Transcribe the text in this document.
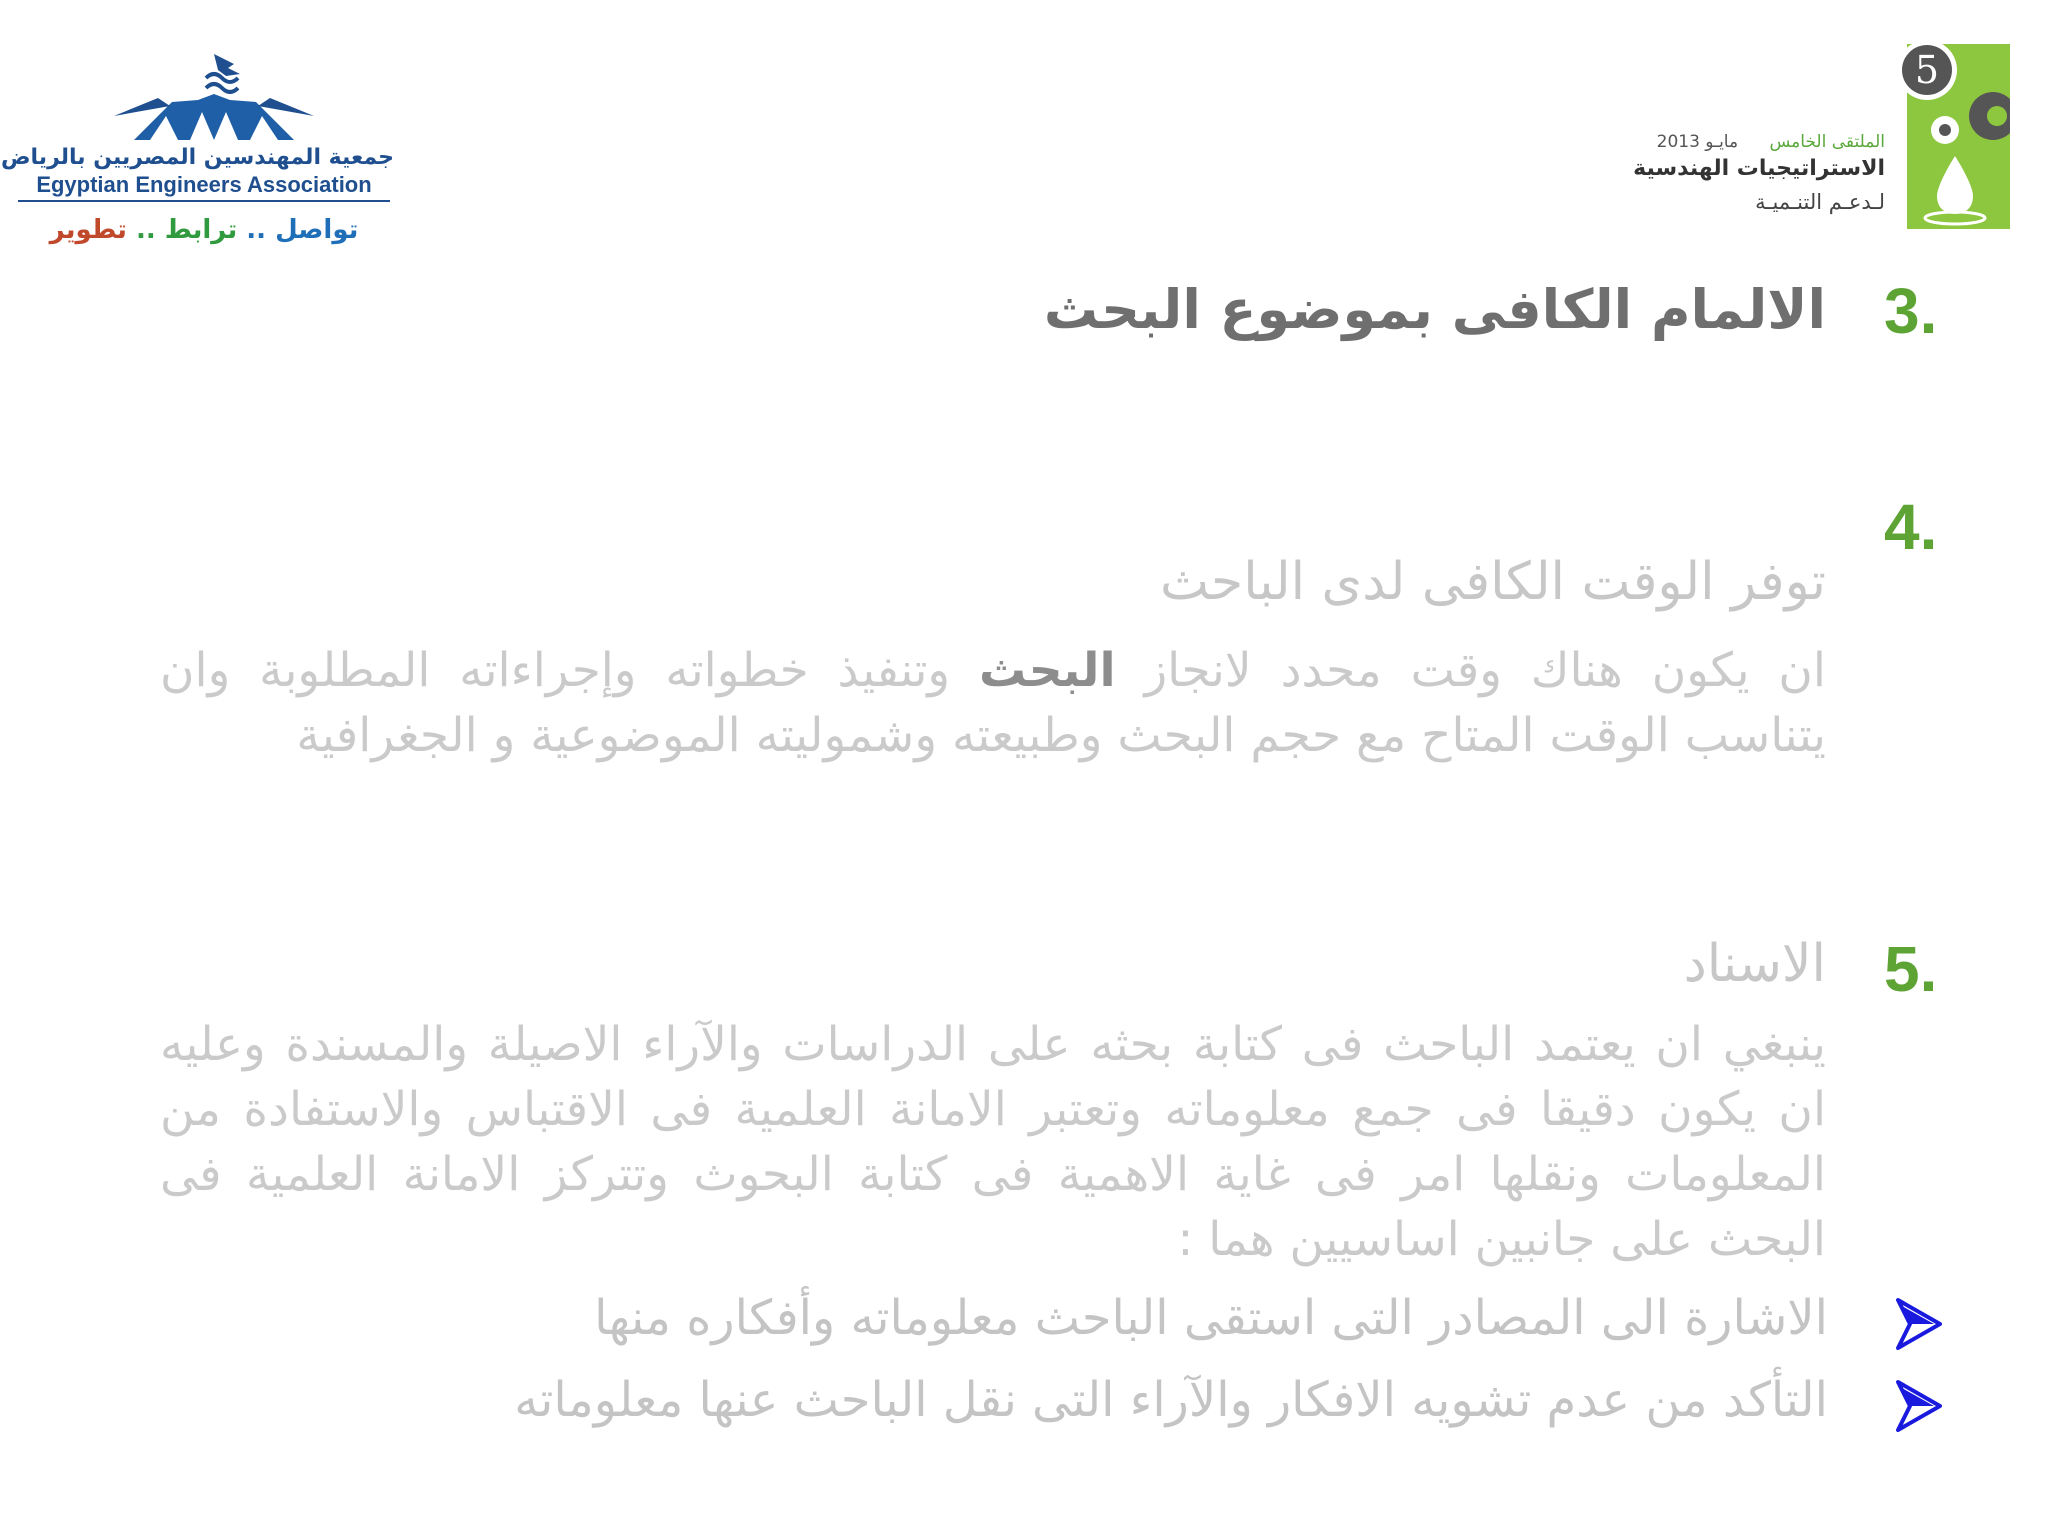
جمعية المهندسين المصريين بالرياض
Egyptian Engineers Association
تواصل .. ترابط .. تطوير
5
الملتقى الخامس مايـو 2013
الاستراتيجيات الهندسية
لـدعـم التنـميـة
3.
الالمام الكافى بموضوع البحث
4.
توفر الوقت الكافى لدى الباحث
ان يكون هناك وقت محدد لانجاز البحث وتنفيذ خطواته وإجراءاته المطلوبة وان يتناسب الوقت المتاح مع حجم البحث وطبيعته وشموليته الموضوعية و الجغرافية
5.
الاسناد
ينبغي ان يعتمد الباحث فى كتابة بحثه على الدراسات والآراء الاصيلة والمسندة وعليه ان يكون دقيقا فى جمع معلوماته وتعتبر الامانة العلمية فى الاقتباس والاستفادة من المعلومات ونقلها امر فى غاية الاهمية فى كتابة البحوث وتتركز الامانة العلمية فى البحث على جانبين اساسيين هما :
الاشارة الى المصادر التى استقى الباحث معلوماته وأفكاره منها
التأكد من عدم تشويه الافكار والآراء التى نقل الباحث عنها معلوماته
